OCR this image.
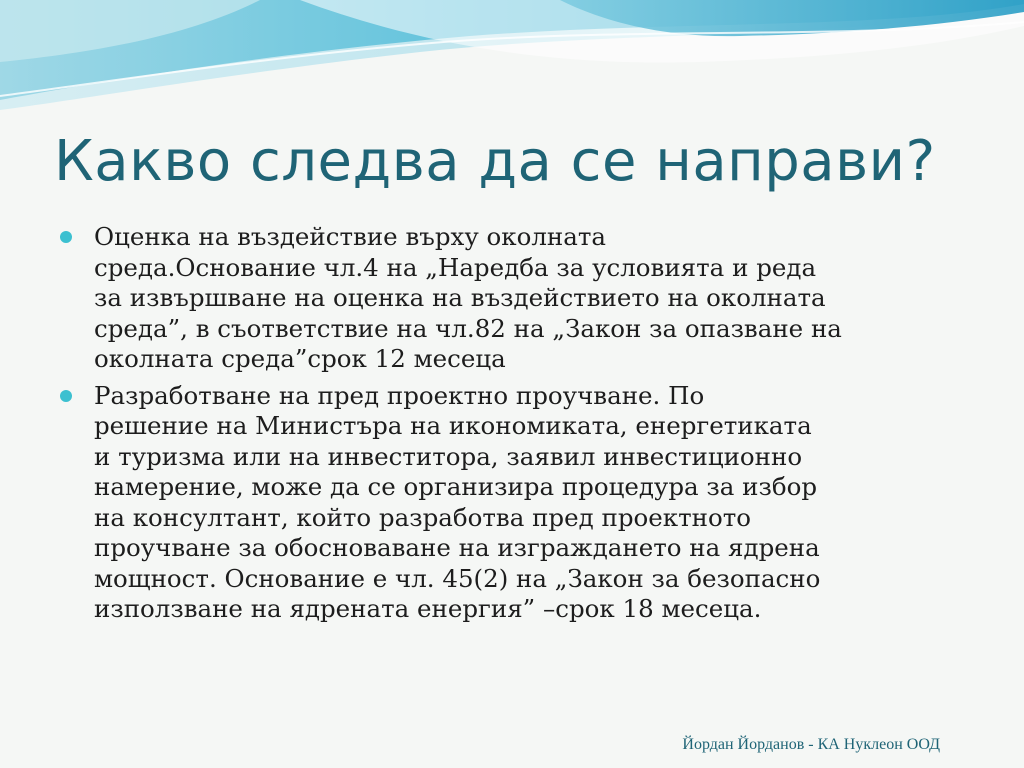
Какво следва да се направи?
Оценка на въздействие върху околната
среда.Основание чл.4 на „Наредба за условията и реда
за извършване на оценка на въздействието на околната
среда”, в съответствие на чл.82 на „Закон за опазване на
околната среда”срок 12 месеца
Разработване на пред проектно проучване. По
решение на Министъра на икономиката, енергетиката
и туризма или на инвеститора, заявил инвестиционно
намерение, може да се организира процедура за избор
на консултант, който разработва пред проектното
проучване за обосноваване на изграждането на ядрена
мощност. Основание е чл. 45(2) на „Закон за безопасно
използване на ядрената енергия” –срок 18 месеца.
Йордан Йорданов - КА Нуклеон ООД
